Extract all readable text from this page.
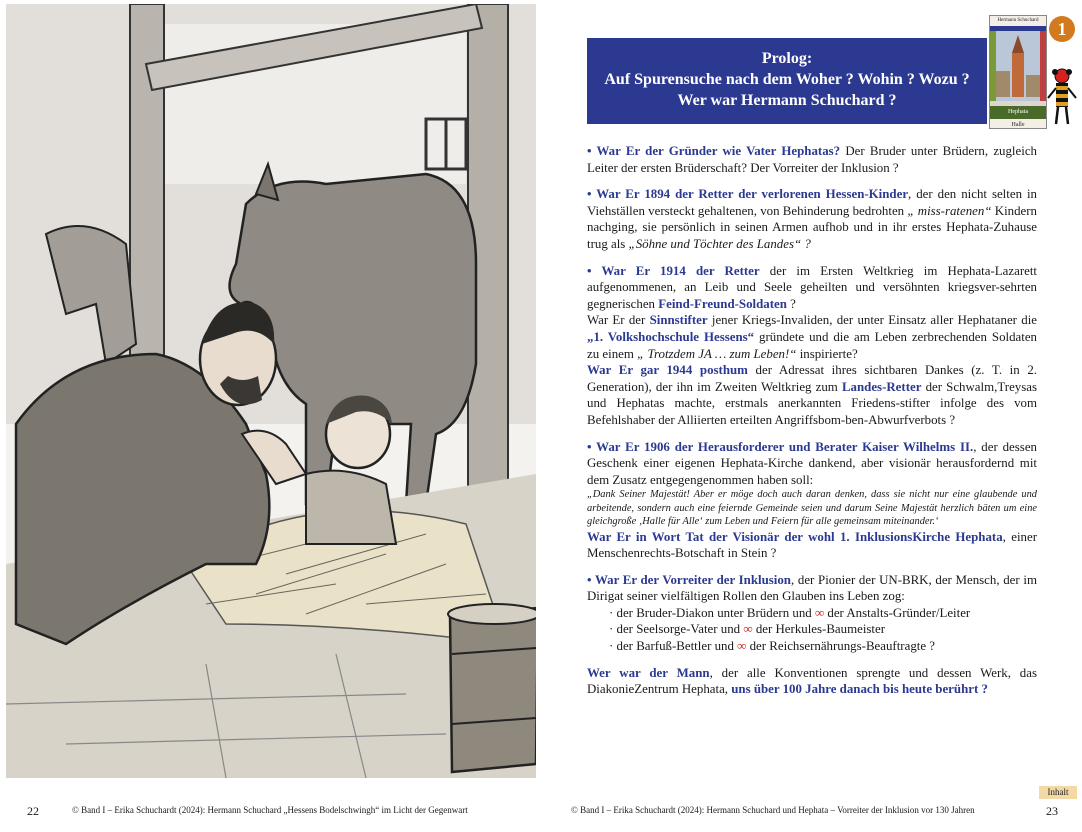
22	© Band I – Erika Schuchardt (2024): Hermann Schuchard „Hessens Bodelschwingh“ im Licht der Gegenwart
Prolog:
Auf Spurensuche nach dem Woher ? Wohin ? Wozu ?
Wer war Hermann Schuchard ?
Hermann Schuchard
Hephata
Halle
1

• War Er der Gründer wie Vater Hephatas? Der Bruder unter Brüdern, zugleich Leiter der ersten Brüderschaft? Der Vorreiter der Inklusion ?

• War Er 1894 der Retter der verlorenen Hessen-Kinder, der den nicht selten in Viehställen versteckt gehaltenen, von Behinderung bedrohten „ miss-ratenen“ Kindern nachging, sie persönlich in seinen Armen aufhob und in ihr erstes Hephata-Zuhause trug als „Söhne und Töchter des Landes“ ?

• War Er 1914 der Retter der im Ersten Weltkrieg im Hephata-Lazarett aufgenommenen, an Leib und Seele geheilten und versöhnten kriegsver-sehrten gegnerischen Feind-Freund-Soldaten ?

War Er der Sinnstifter jener Kriegs-Invaliden, der unter Einsatz aller Hephataner die „1. Volkshochschule Hessens“ gründete und die am Leben zerbrechenden Soldaten zu einem „ Trotzdem JA … zum Leben!“ inspirierte?

War Er gar 1944 posthum der Adressat ihres sichtbaren Dankes (z. T. in 2. Generation), der ihn im Zweiten Weltkrieg zum Landes-Retter der Schwalm,Treysas und Hephatas machte, erstmals anerkannten Friedens-stifter infolge des vom Befehlshaber der Alliierten erteilten Angriffsbom-ben-Abwurfverbots ?

• War Er 1906 der Herausforderer und Berater Kaiser Wilhelms II., der dessen Geschenk einer eigenen Hephata-Kirche dankend, aber visionär herausfordernd mit dem Zusatz entgegengenommen haben soll:

„Dank Seiner Majestät! Aber er möge doch auch daran denken, dass sie nicht nur eine glaubende und arbeitende, sondern auch eine feiernde Gemeinde seien und darum Seine Majestät herzlich bäten um eine gleichgroße ‚Halle für Alle‘ zum Leben und Feiern für alle gemeinsam miteinander.‘

War Er in Wort Tat der Visionär der wohl 1. InklusionsKirche Hephata, einer Menschenrechts-Botschaft in Stein ?

• War Er der Vorreiter der Inklusion, der Pionier der UN-BRK, der Mensch, der im Dirigat seiner vielfältigen Rollen den Glauben ins Leben zog:

· der Bruder-Diakon unter Brüdern und ∞ der Anstalts-Gründer/Leiter

· der Seelsorge-Vater und ∞ der Herkules-Baumeister

· der Barfuß-Bettler und ∞ der Reichsernährungs-Beauftragte ?

Wer war der Mann, der alle Konventionen sprengte und dessen Werk, das DiakonieZentrum Hephata, uns über 100 Jahre danach bis heute berührt ?

Inhalt
© Band I – Erika Schuchardt (2024): Hermann Schuchard und Hephata – Vorreiter der Inklusion vor 130 Jahren	23
